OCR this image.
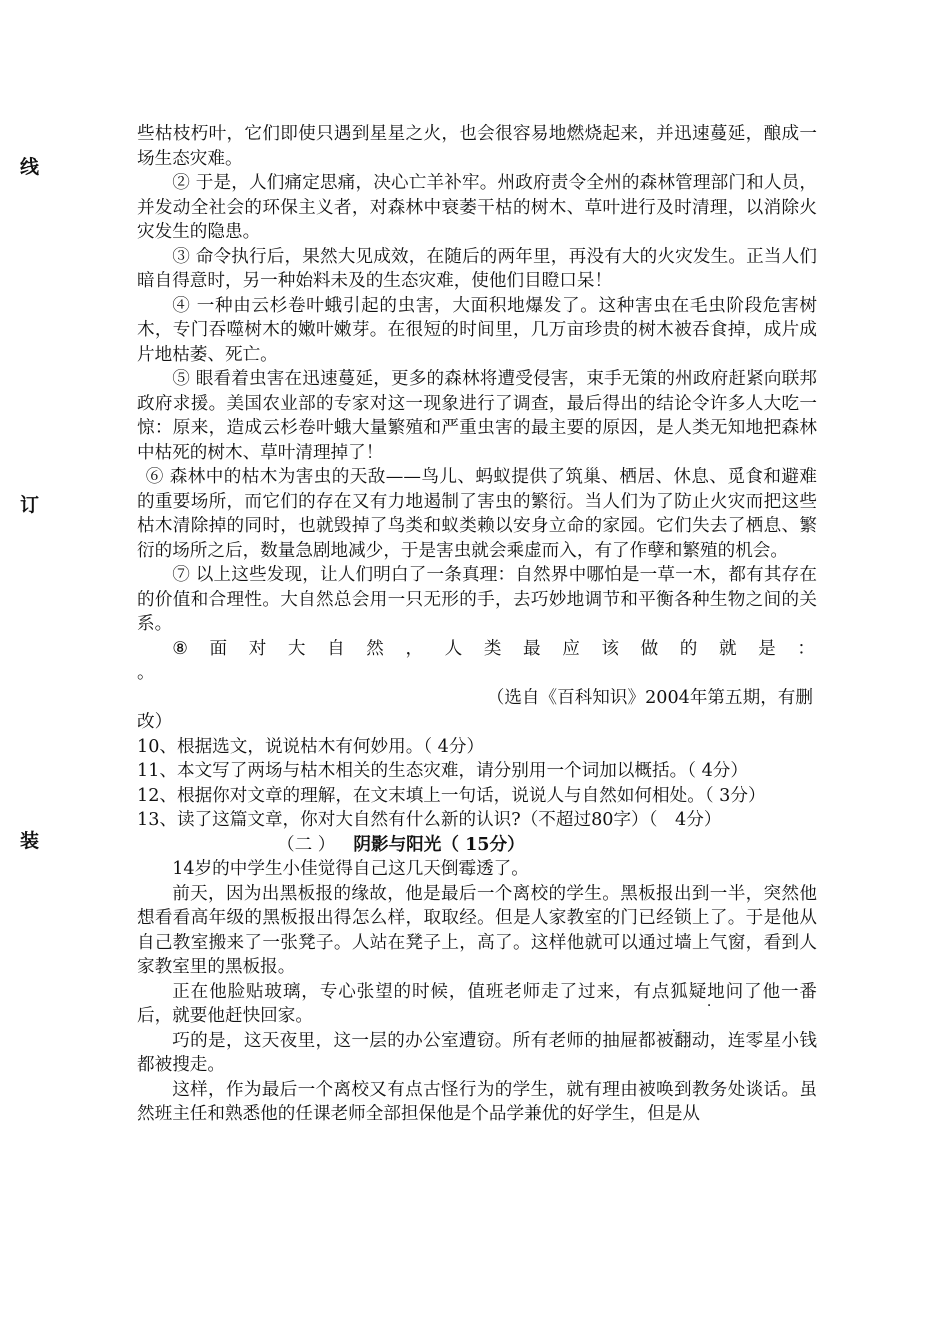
线
订
装

些枯枝朽叶，它们即使只遇到星星之火，也会很容易地燃烧起来，并迅速蔓延，酿成一场生态灾难。

② 于是，人们痛定思痛，决心亡羊补牢。州政府责令全州的森林管理部门和人员，并发动全社会的环保主义者，对森林中衰萎干枯的树木、草叶进行及时清理，以消除火灾发生的隐患。

③ 命令执行后，果然大见成效，在随后的两年里，再没有大的火灾发生。正当人们暗自得意时，另一种始料未及的生态灾难，使他们目瞪口呆！

④ 一种由云杉卷叶蛾引起的虫害，大面积地爆发了。这种害虫在毛虫阶段危害树木，专门吞噬树木的嫩叶嫩芽。在很短的时间里，几万亩珍贵的树木被吞食掉，成片成片地枯萎、死亡。

⑤ 眼看着虫害在迅速蔓延，更多的森林将遭受侵害，束手无策的州政府赶紧向联邦政府求援。美国农业部的专家对这一现象进行了调查，最后得出的结论令许多人大吃一惊：原来，造成云杉卷叶蛾大量繁殖和严重虫害的最主要的原因，是人类无知地把森林中枯死的树木、草叶清理掉了！

⑥ 森林中的枯木为害虫的天敌——鸟儿、蚂蚁提供了筑巢、栖居、休息、觅食和避难的重要场所，而它们的存在又有力地遏制了害虫的繁衍。当人们为了防止火灾而把这些枯木清除掉的同时，也就毁掉了鸟类和蚁类赖以安身立命的家园。它们失去了栖息、繁衍的场所之后，数量急剧地减少，于是害虫就会乘虚而入，有了作孽和繁殖的机会。

⑦ 以上这些发现，让人们明白了一条真理：自然界中哪怕是一草一木，都有其存在的价值和合理性。大自然总会用一只无形的手，去巧妙地调节和平衡各种生物之间的关系。

⑧ 面 对 大 自 然 ， 人 类 最 应 该 做 的 就 是 ：

。

（选自《百科知识》2004年第五期，有删

改）

10、根据选文，说说枯木有何妙用。（ 4分）

11、本文写了两场与枯木相关的生态灾难，请分别用一个词加以概括。（ 4分）

12、根据你对文章的理解，在文末填上一句话，说说人与自然如何相处。（ 3分）

13、读了这篇文章，你对大自然有什么新的认识?（不超过80字）（　4分）

（二 ） 阴影与阳光（ 15分）

14岁的中学生小佳觉得自己这几天倒霉透了。

前天，因为出黑板报的缘故，他是最后一个离校的学生。黑板报出到一半，突然他想看看高年级的黑板报出得怎么样，取取经。但是人家教室的门已经锁上了。于是他从自己教室搬来了一张凳子。人站在凳子上，高了。这样他就可以通过墙上气窗，看到人家教室里的黑板报。

正在他脸贴玻璃，专心张望的时候，值班老师走了过来，有点狐疑 · ·地问了他一番后，就要他赶快回家。

巧的是，这天夜里，这一层的办公室遭窃。所有老师的抽屉都被翻动，连零星小钱都被搜走。

这样，作为最后一个离校又有点古怪行为的学生，就有理由被唤到教务处谈话。虽然班主任和熟悉他的任课老师全部担保他是个品学兼优的好学生，但是从
